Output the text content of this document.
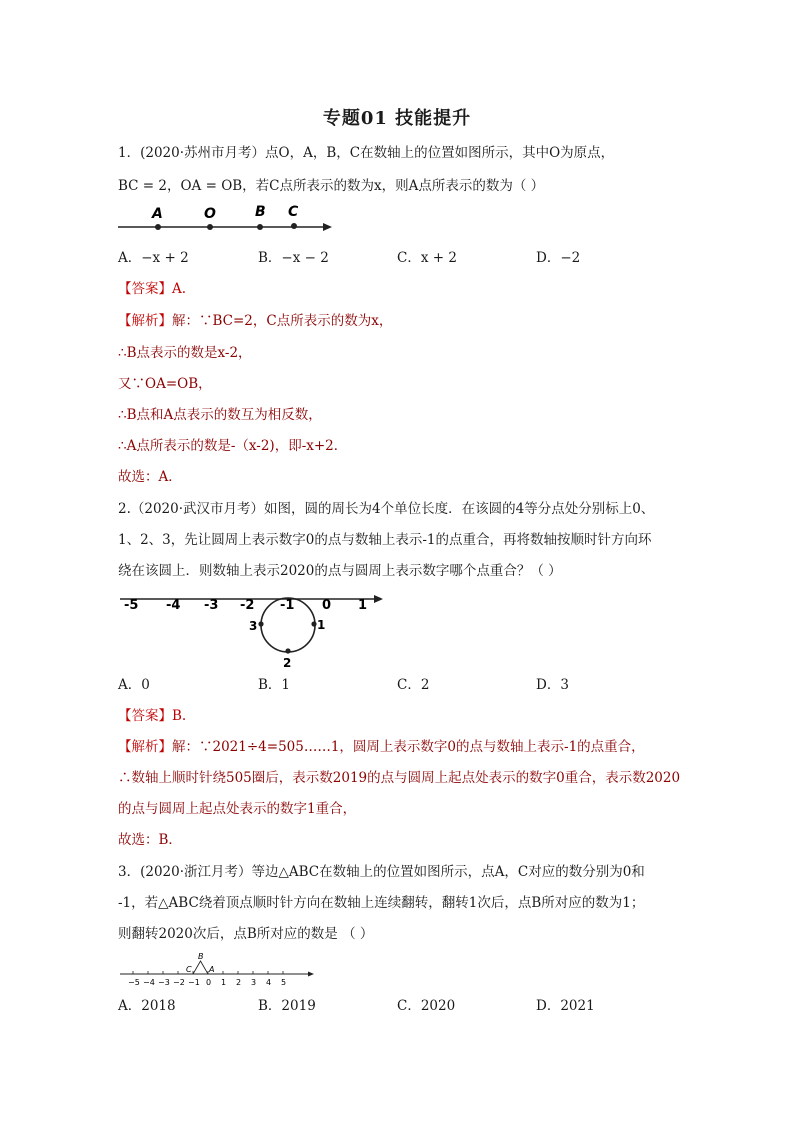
专题01 技能提升
1．(2020·苏州市月考）点O，A，B，C在数轴上的位置如图所示，其中O为原点，
BC = 2，OA = OB，若C点所表示的数为x，则A点所表示的数为（ ）
A	O	B C
A．−x + 2	B．−x − 2	C．x + 2	D．−2
【答案】A.
【解析】解：∵BC=2，C点所表示的数为x，
∴B点表示的数是x-2，
又∵OA=OB，
∴B点和A点表示的数互为相反数，
∴A点所表示的数是-（x-2)，即-x+2．
故选：A．
2.（2020·武汉市月考）如图，圆的周长为4个单位长度．在该圆的4等分点处分别标上0、
1、2、3，先让圆周上表示数字0的点与数轴上表示-1的点重合，再将数轴按顺时针方向环
绕在该圆上．则数轴上表示2020的点与圆周上表示数字哪个点重合？（ ）
-5 -4 -3 -2 -1 0 1
3	1
2
A．0	B．1	C．2	D．3
【答案】B.
【解析】解：∵2021÷4=505……1，圆周上表示数字0的点与数轴上表示-1的点重合，
∴数轴上顺时针绕505圈后，表示数2019的点与圆周上起点处表示的数字0重合，表示数2020
的点与圆周上起点处表示的数字1重合，
故选：B．
3．(2020·浙江月考）等边△ABC在数轴上的位置如图所示，点A，C对应的数分别为0和
-1，若△ABC绕着顶点顺时针方向在数轴上连续翻转，翻转1次后，点B所对应的数为1；
则翻转2020次后，点B所对应的数是 （ ）
B
C A
−5 −4 −3 −2 −1 0 1 2 3 4 5
A．2018	B．2019	C．2020	D．2021
